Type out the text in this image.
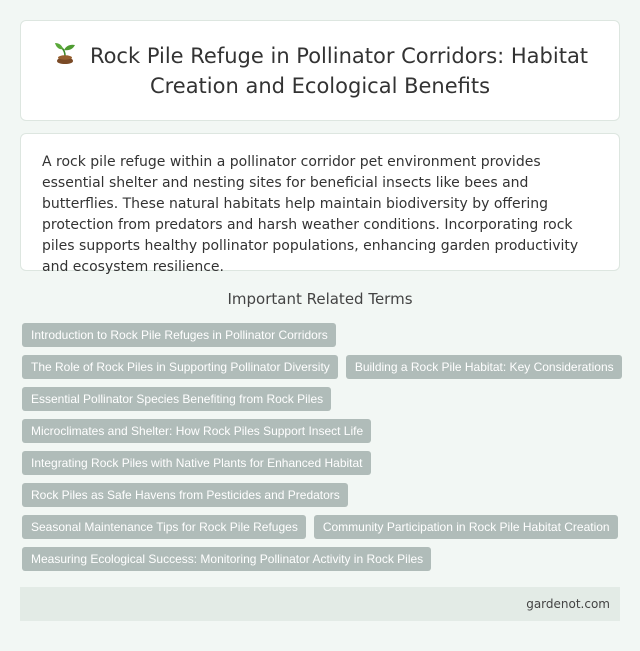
Rock Pile Refuge in Pollinator Corridors: Habitat Creation and Ecological Benefits

A rock pile refuge within a pollinator corridor pet environment provides essential shelter and nesting sites for beneficial insects like bees and butterflies. These natural habitats help maintain biodiversity by offering protection from predators and harsh weather conditions. Incorporating rock piles supports healthy pollinator populations, enhancing garden productivity and ecosystem resilience.

Important Related Terms
Introduction to Rock Pile Refuges in Pollinator Corridors
The Role of Rock Piles in Supporting Pollinator Diversity	Building a Rock Pile Habitat: Key Considerations
Essential Pollinator Species Benefiting from Rock Piles
Microclimates and Shelter: How Rock Piles Support Insect Life
Integrating Rock Piles with Native Plants for Enhanced Habitat
Rock Piles as Safe Havens from Pesticides and Predators
Seasonal Maintenance Tips for Rock Pile Refuges	Community Participation in Rock Pile Habitat Creation
Measuring Ecological Success: Monitoring Pollinator Activity in Rock Piles
gardenot.com
